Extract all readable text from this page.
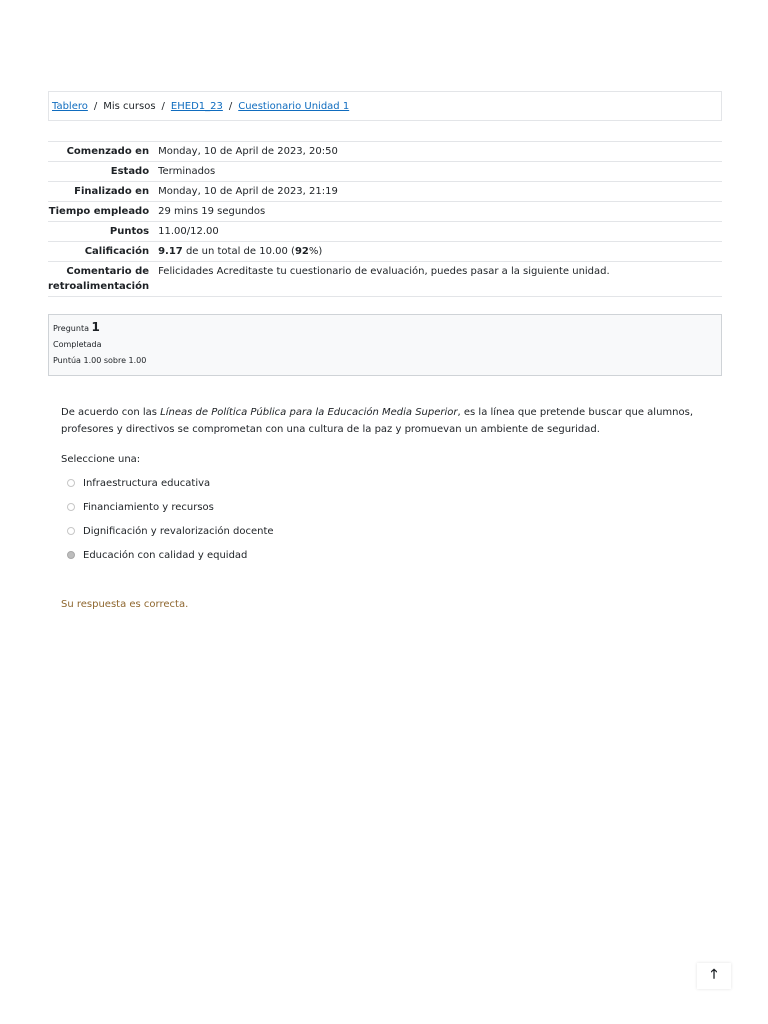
Tablero / Mis cursos / EHED1_23 / Cuestionario Unidad 1
Comenzado en	Monday, 10 de April de 2023, 20:50
Estado	Terminados
Finalizado en	Monday, 10 de April de 2023, 21:19
Tiempo empleado	29 mins 19 segundos
Puntos	11.00/12.00
Calificación	9.17 de un total de 10.00 (92%)
Comentario de retroalimentación	Felicidades Acreditaste tu cuestionario de evaluación, puedes pasar a la siguiente unidad.
Pregunta 1
Completada
Puntúa 1.00 sobre 1.00
De acuerdo con las Líneas de Política Pública para la Educación Media Superior, es la línea que pretende buscar que alumnos, profesores y directivos se comprometan con una cultura de la paz y promuevan un ambiente de seguridad.
Seleccione una:
Infraestructura educativa
Financiamiento y recursos
Dignificación y revalorización docente
Educación con calidad y equidad
Su respuesta es correcta.
🡑
